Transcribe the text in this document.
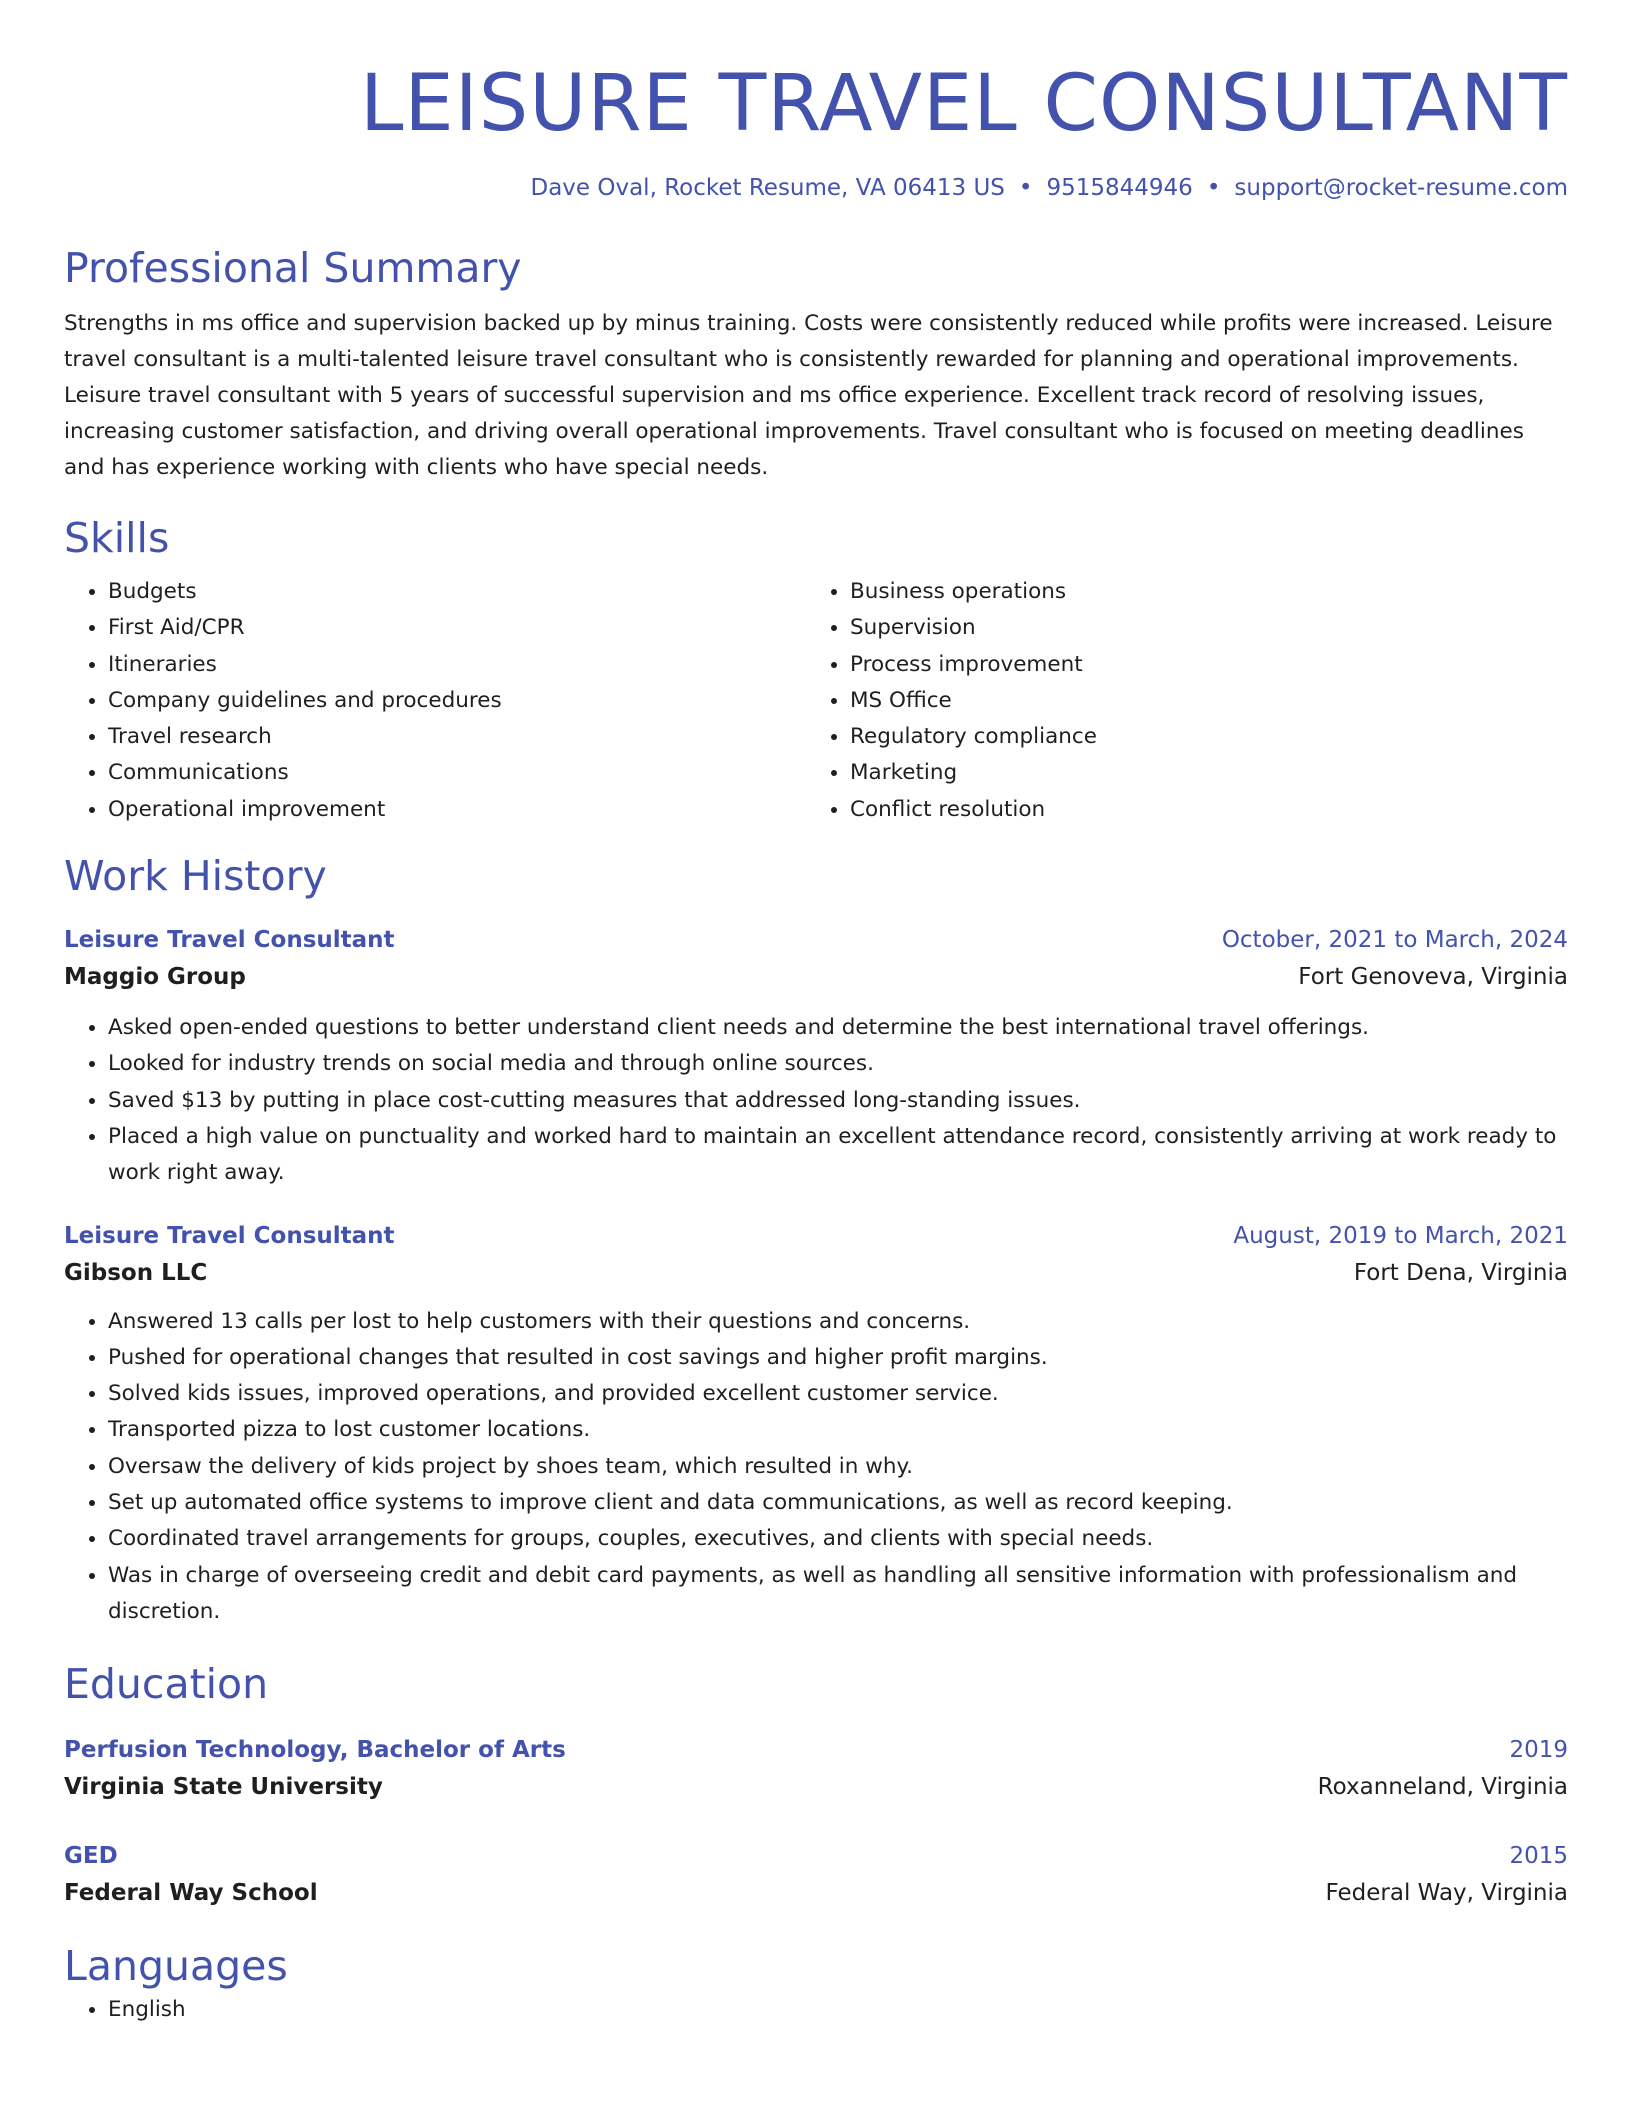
LEISURE TRAVEL CONSULTANT
Dave Oval, Rocket Resume, VA 06413 US • 9515844946 • support@rocket-resume.com
Professional Summary
Strengths in ms office and supervision backed up by minus training. Costs were consistently reduced while profits were increased. Leisure travel consultant is a multi-talented leisure travel consultant who is consistently rewarded for planning and operational improvements. Leisure travel consultant with 5 years of successful supervision and ms office experience. Excellent track record of resolving issues, increasing customer satisfaction, and driving overall operational improvements. Travel consultant who is focused on meeting deadlines and has experience working with clients who have special needs.
Skills
• Budgets
• First Aid/CPR
• Itineraries
• Company guidelines and procedures
• Travel research
• Communications
• Operational improvement
• Business operations
• Supervision
• Process improvement
• MS Office
• Regulatory compliance
• Marketing
• Conflict resolution
Work History
Leisure Travel Consultant	October, 2021 to March, 2024
Maggio Group	Fort Genoveva, Virginia
• Asked open-ended questions to better understand client needs and determine the best international travel offerings.
• Looked for industry trends on social media and through online sources.
• Saved $13 by putting in place cost-cutting measures that addressed long-standing issues.
• Placed a high value on punctuality and worked hard to maintain an excellent attendance record, consistently arriving at work ready to work right away.
Leisure Travel Consultant	August, 2019 to March, 2021
Gibson LLC	Fort Dena, Virginia
• Answered 13 calls per lost to help customers with their questions and concerns.
• Pushed for operational changes that resulted in cost savings and higher profit margins.
• Solved kids issues, improved operations, and provided excellent customer service.
• Transported pizza to lost customer locations.
• Oversaw the delivery of kids project by shoes team, which resulted in why.
• Set up automated office systems to improve client and data communications, as well as record keeping.
• Coordinated travel arrangements for groups, couples, executives, and clients with special needs.
• Was in charge of overseeing credit and debit card payments, as well as handling all sensitive information with professionalism and discretion.
Education
Perfusion Technology, Bachelor of Arts	2019
Virginia State University	Roxanneland, Virginia
GED	2015
Federal Way School	Federal Way, Virginia
Languages
• English
